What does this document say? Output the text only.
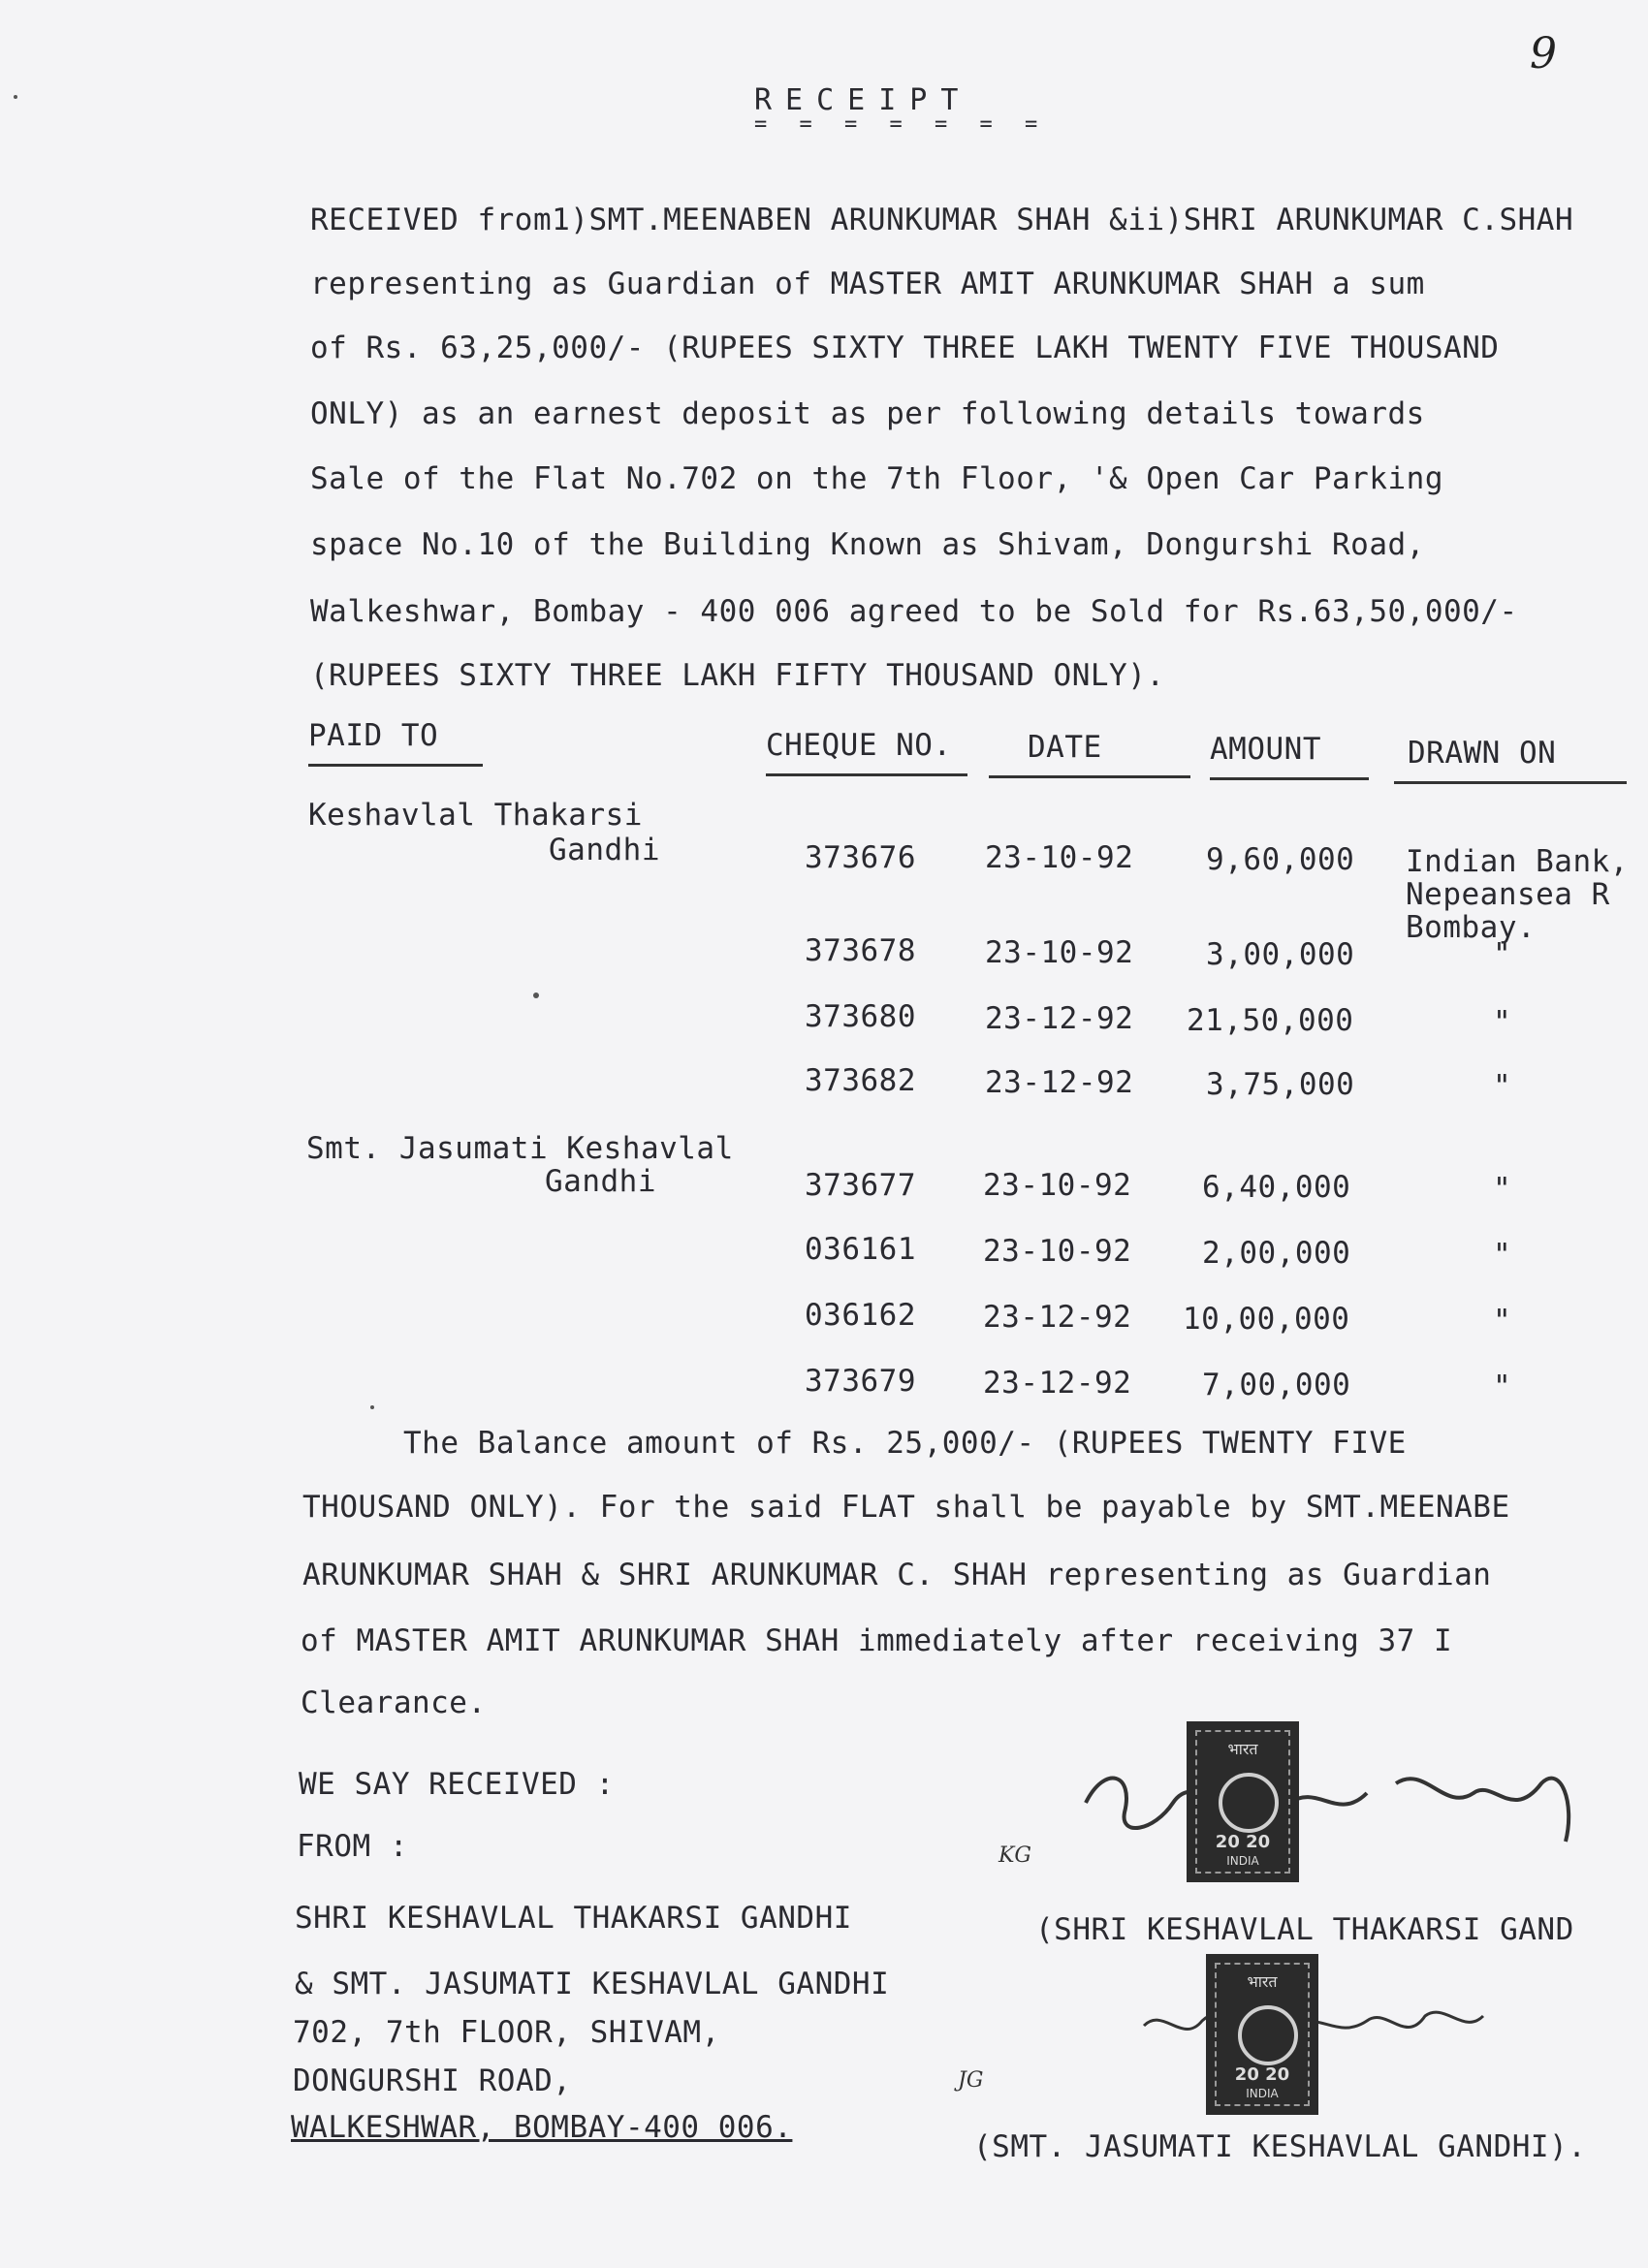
9
RECEIPT
= = = = = = =
RECEIVED from1)SMT.MEENABEN ARUNKUMAR SHAH &ii)SHRI ARUNKUMAR C.SHAH
representing as Guardian of MASTER AMIT ARUNKUMAR SHAH a sum
of Rs. 63,25,000/- (RUPEES SIXTY THREE LAKH TWENTY FIVE THOUSAND
ONLY) as an earnest deposit as per following details towards
Sale of the Flat No.702 on the 7th Floor, '& Open Car Parking
space No.10 of the Building Known as Shivam, Dongurshi Road,
Walkeshwar, Bombay - 400 006 agreed to be Sold for Rs.63,50,000/-
(RUPEES SIXTY THREE LAKH FIFTY THOUSAND ONLY).
PAID TO	CHEQUE NO.	DATE	AMOUNT	DRAWN ON
Keshavlal Thakarsi
Gandhi	373676 23-10-92 9,60,000 Indian Bank,
Nepeansea R
Bombay.
373678 23-10-92 3,00,000	"
373680 23-12-92 21,50,000	"
373682 23-12-92 3,75,000	"
Smt. Jasumati Keshavlal
Gandhi	373677 23-10-92 6,40,000	"
036161 23-10-92 2,00,000	"
036162 23-12-92 10,00,000	"
373679 23-12-92 7,00,000	"
The Balance amount of Rs. 25,000/- (RUPEES TWENTY FIVE
THOUSAND ONLY). For the said FLAT shall be payable by SMT.MEENABE
ARUNKUMAR SHAH & SHRI ARUNKUMAR C. SHAH representing as Guardian
of MASTER AMIT ARUNKUMAR SHAH immediately after receiving 37 I
Clearance.
WE SAY RECEIVED :
FROM :
SHRI KESHAVLAL THAKARSI GANDHI
& SMT. JASUMATI KESHAVLAL GANDHI
702, 7th FLOOR, SHIVAM,
DONGURSHI ROAD,
WALKESHWAR, BOMBAY-400 006.
KG
(SHRI KESHAVLAL THAKARSI GAND
JG
(SMT. JASUMATI KESHAVLAL GANDHI).
भारत
20 20
INDIA
भारत
20 20
INDIA
